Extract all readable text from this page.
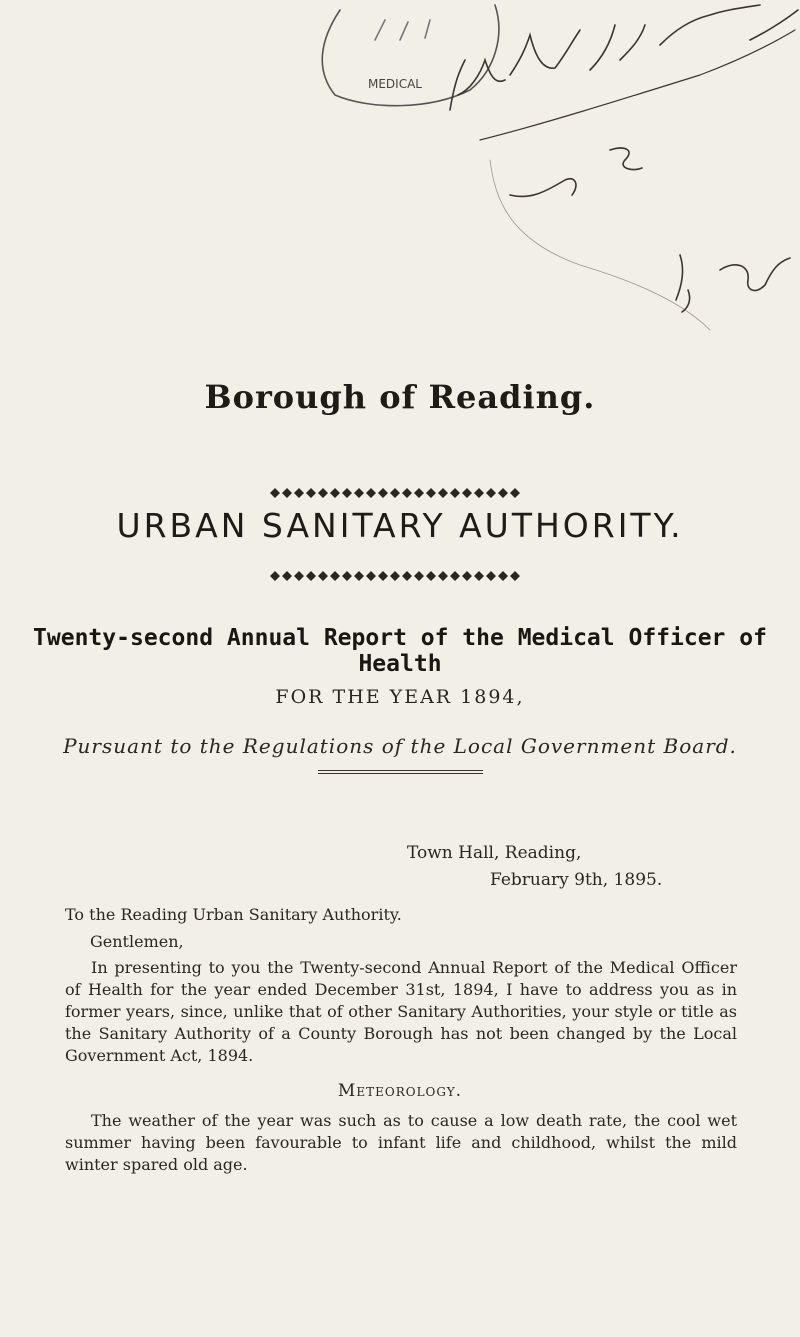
MEDICAL
Borough of Reading.
URBAN SANITARY AUTHORITY.
Twenty-second Annual Report of the Medical Officer of Health
FOR THE YEAR 1894,
Pursuant to the Regulations of the Local Government Board.
Town Hall, Reading,
February 9th, 1895.
To the Reading Urban Sanitary Authority.
Gentlemen,

In presenting to you the Twenty-second Annual Report of the Medical Officer of Health for the year ended December 31st, 1894, I have to address you as in former years, since, unlike that of other Sanitary Authorities, your style or title as the Sanitary Authority of a County Borough has not been changed by the Local Government Act, 1894.

Meteorology.

The weather of the year was such as to cause a low death rate, the cool wet summer having been favourable to infant life and childhood, whilst the mild winter spared old age.
